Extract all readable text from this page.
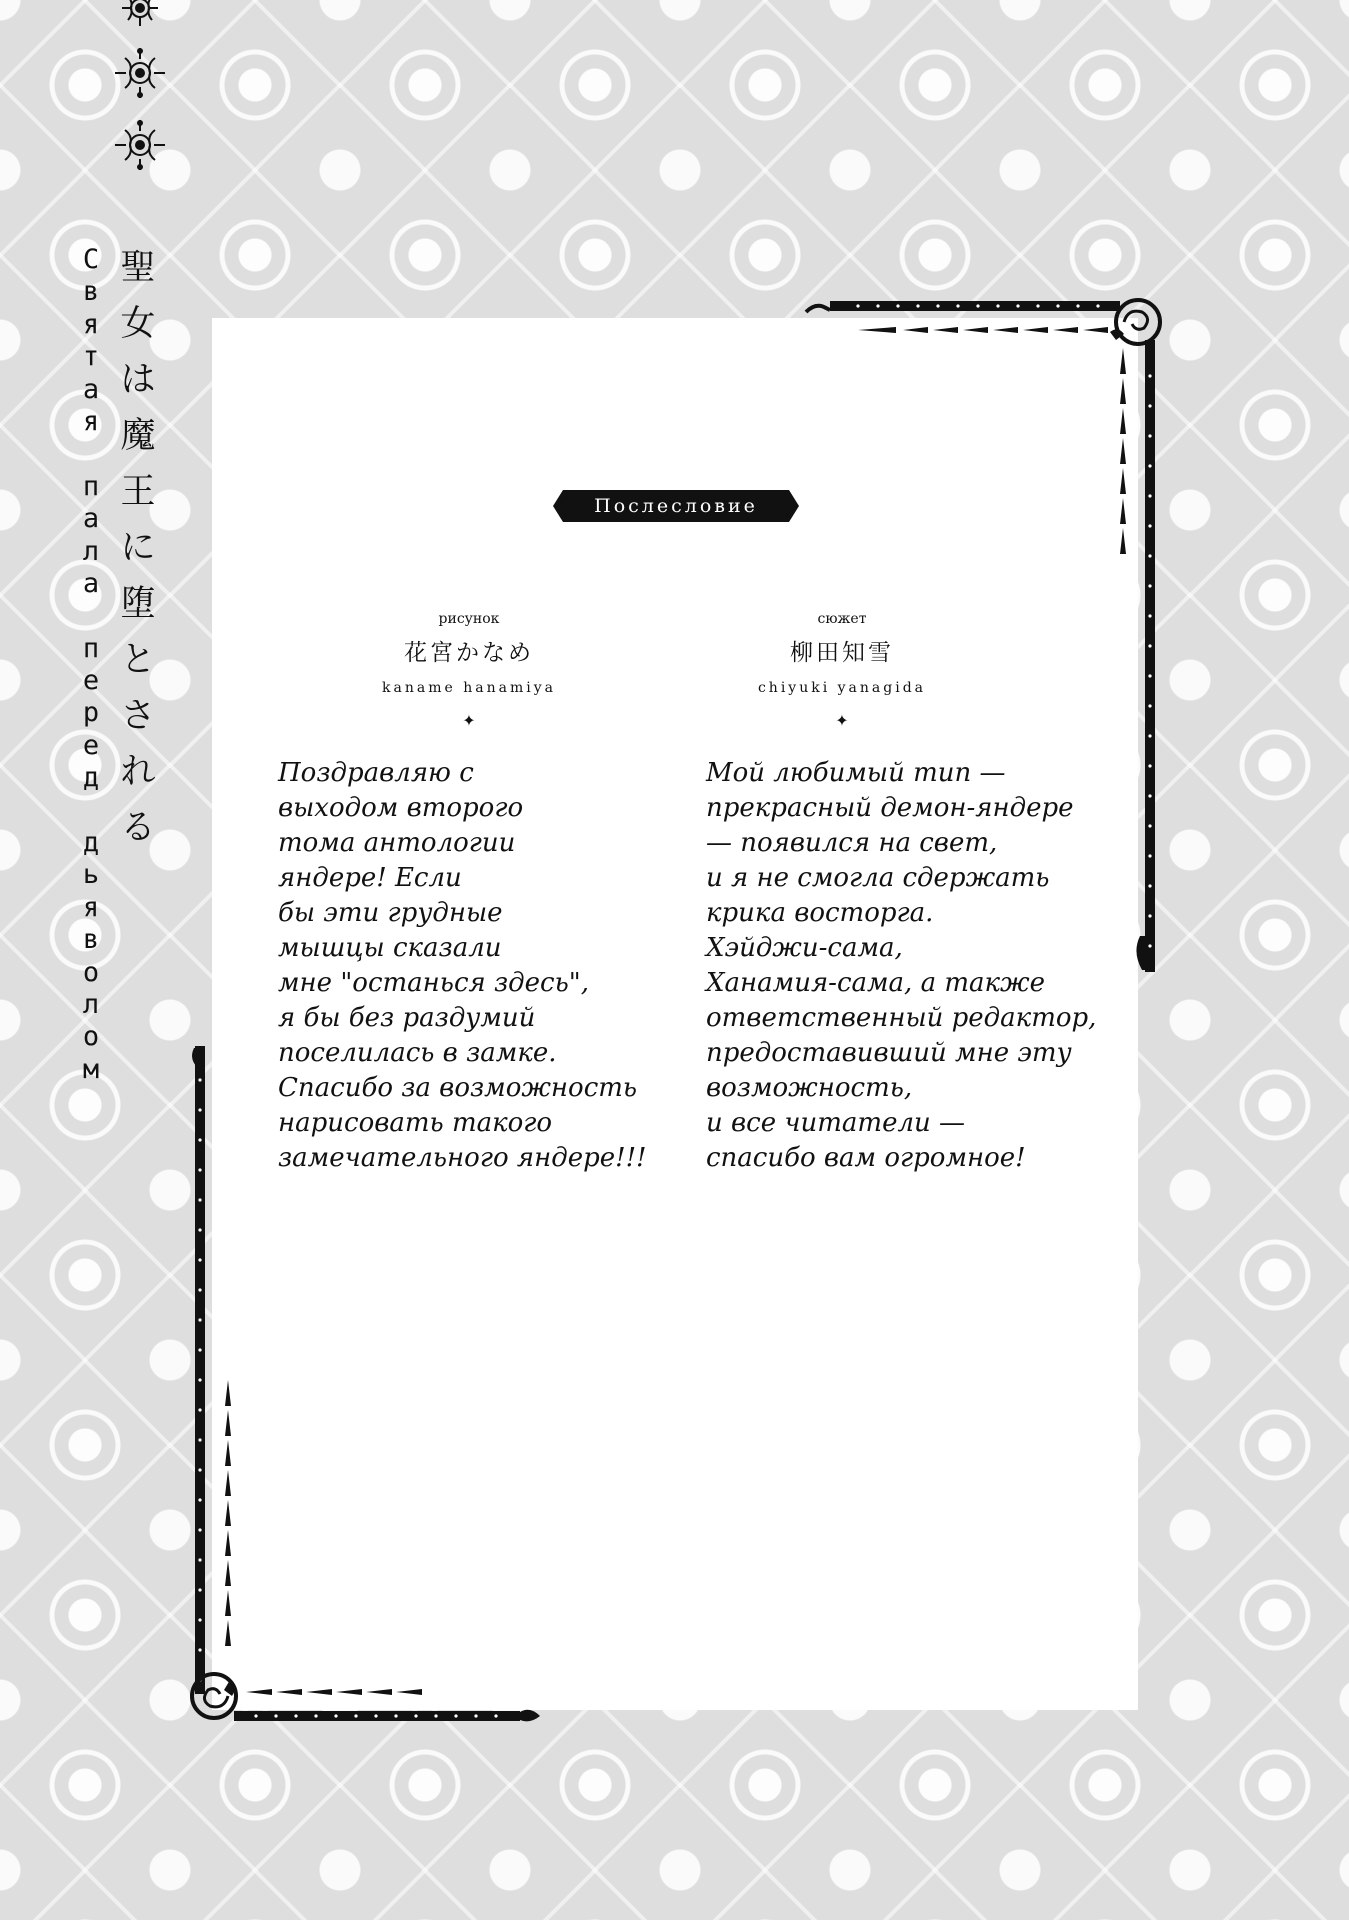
聖
女
は
魔
王
に
堕
と
さ
れ
る
С
в
я
т
а
я
п
а
л
а
п
е
р
е
д
д
ь
я
в
о
л
о
м
Послесловие
рисунок
花宮かなめ
kaname hanamiya
✦
Поздравляю с
выходом второго
тома антологии
яндере! Если
бы эти грудные
мышцы сказали
мне "останься здесь",
я бы без раздумий
поселилась в замке.
Спасибо за возможность
нарисовать такого
замечательного яндере!!!
сюжет
柳田知雪
chiyuki yanagida
✦
Мой любимый тип —
прекрасный демон-яндере
— появился на свет,
и я не смогла сдержать
крика восторга.
Хэйджи-сама,
Ханамия-сама, а также
ответственный редактор,
предоставивший мне эту
возможность,
и все читатели —
спасибо вам огромное!
